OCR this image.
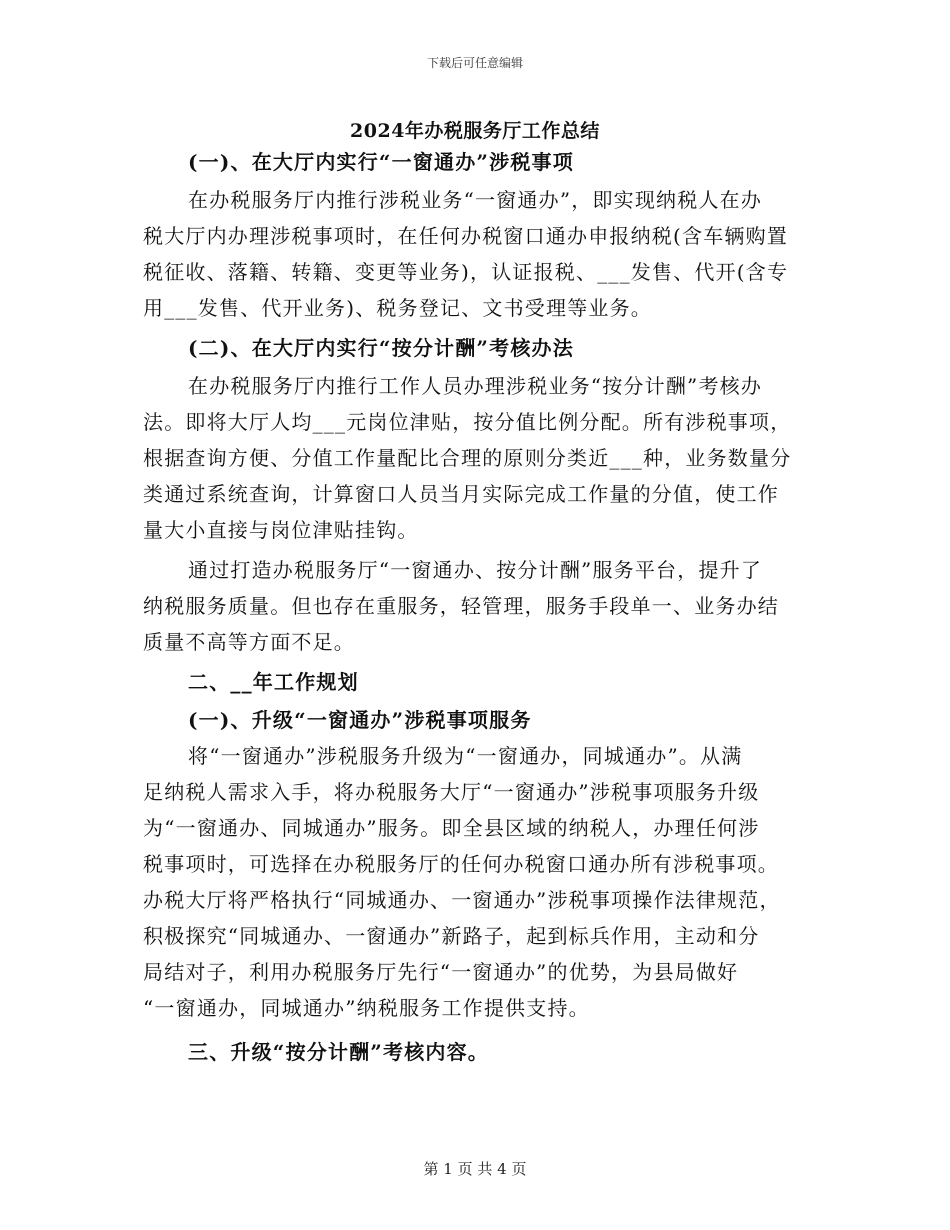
下载后可任意编辑
2024年办税服务厅工作总结
(一)、在大厅内实行“一窗通办”涉税事项
在办税服务厅内推行涉税业务“一窗通办”，即实现纳税人在办
税大厅内办理涉税事项时，在任何办税窗口通办申报纳税(含车辆购置
税征收、落籍、转籍、变更等业务)，认证报税、___发售、代开(含专
用___发售、代开业务)、税务登记、文书受理等业务。
(二)、在大厅内实行“按分计酬”考核办法
在办税服务厅内推行工作人员办理涉税业务“按分计酬”考核办
法。即将大厅人均___元岗位津贴，按分值比例分配。所有涉税事项，
根据查询方便、分值工作量配比合理的原则分类近___种，业务数量分
类通过系统查询，计算窗口人员当月实际完成工作量的分值，使工作
量大小直接与岗位津贴挂钩。
通过打造办税服务厅“一窗通办、按分计酬”服务平台，提升了
纳税服务质量。但也存在重服务，轻管理，服务手段单一、业务办结
质量不高等方面不足。
二、__年工作规划
(一)、升级“一窗通办”涉税事项服务
将“一窗通办”涉税服务升级为“一窗通办，同城通办”。从满
足纳税人需求入手，将办税服务大厅“一窗通办”涉税事项服务升级
为“一窗通办、同城通办”服务。即全县区域的纳税人，办理任何涉
税事项时，可选择在办税服务厅的任何办税窗口通办所有涉税事项。
办税大厅将严格执行“同城通办、一窗通办”涉税事项操作法律规范，
积极探究“同城通办、一窗通办”新路子，起到标兵作用，主动和分
局结对子，利用办税服务厅先行“一窗通办”的优势，为县局做好
“一窗通办，同城通办”纳税服务工作提供支持。
三、升级“按分计酬”考核内容。
第 1 页 共 4 页
